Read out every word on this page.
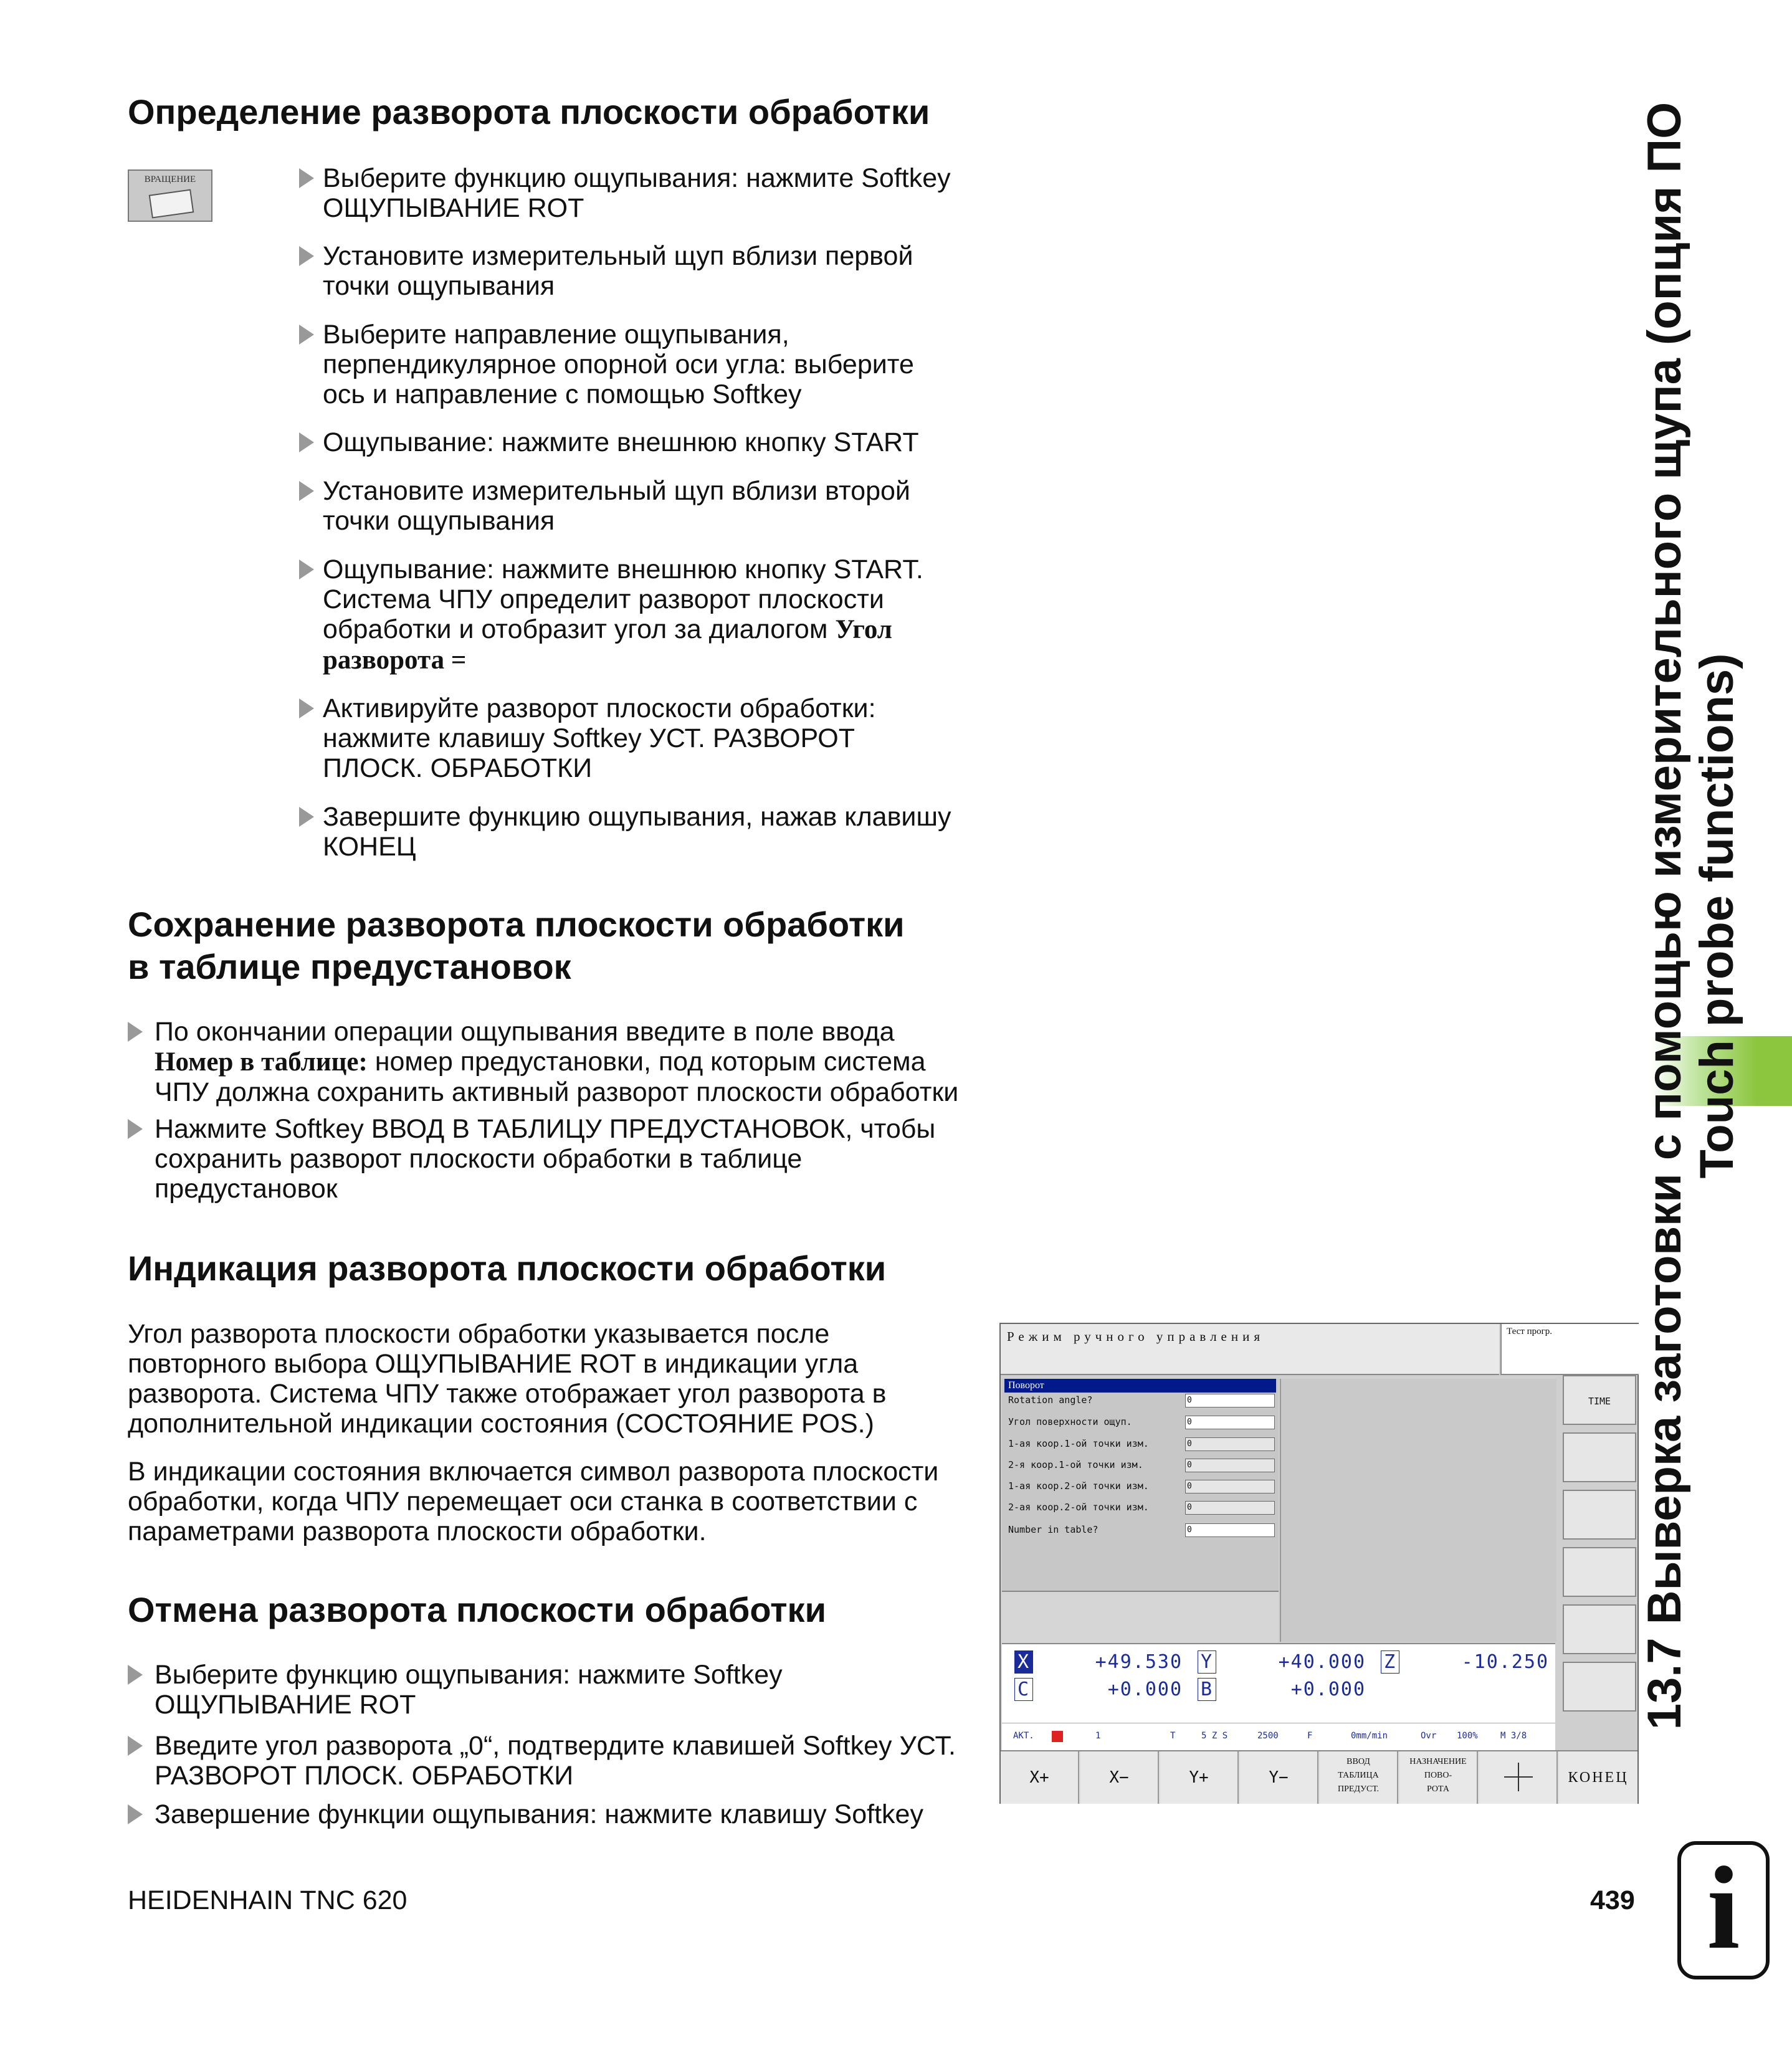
Определение разворота плоскости обработки
ВРАЩЕНИЕ	Выберите функцию ощупывания: нажмите Softkey
ОЩУПЫВАНИЕ ROT
Установите измерительный щуп вблизи первой
точки ощупывания
Выберите направление ощупывания,
перпендикулярное опорной оси угла: выберите
ось и направление с помощью Softkey
Ощупывание: нажмите внешнюю кнопку START
Установите измерительный щуп вблизи второй
точки ощупывания
Ощупывание: нажмите внешнюю кнопку START.
Система ЧПУ определит разворот плоскости
обработки и отобразит угол за диалогом Угол
разворота =
Активируйте разворот плоскости обработки:
нажмите клавишу Softkey УСТ. РАЗВОРОТ
ПЛОСК. ОБРАБОТКИ
Завершите функцию ощупывания, нажав клавишу
КОНЕЦ
Сохранение разворота плоскости обработки
в таблице предустановок
По окончании операции ощупывания введите в поле ввода
Номер в таблице: номер предустановки, под которым система
ЧПУ должна сохранить активный разворот плоскости обработки
Нажмите Softkey ВВОД В ТАБЛИЦУ ПРЕДУСТАНОВОК, чтобы
сохранить разворот плоскости обработки в таблице
предустановок
Индикация разворота плоскости обработки
Угол разворота плоскости обработки указывается после
повторного выбора ОЩУПЫВАНИЕ ROT в индикации угла
разворота. Система ЧПУ также отображает угол разворота в
дополнительной индикации состояния (СОСТОЯНИЕ POS.)
В индикации состояния включается символ разворота плоскости
обработки, когда ЧПУ перемещает оси станка в соответствии с
параметрами разворота плоскости обработки.
Отмена разворота плоскости обработки
Выберите функцию ощупывания: нажмите Softkey
ОЩУПЫВАНИЕ ROT
Введите угол разворота „0“, подтвердите клавишей Softkey УСТ.
РАЗВОРОТ ПЛОСК. ОБРАБОТКИ
Завершение функции ощупывания: нажмите клавишу Softkey
Режим ручного управления	Тест прогр.
Поворот
Rotation angle?	0
Угол поверхности ощуп.	0
1-ая коор.1-ой точки изм.	0
2-я коор.1-ой точки изм.	0
1-ая коор.2-ой точки изм.	0
2-ая коор.2-ой точки изм.	0
Number in table?	0
TIME
X	+49.530 Y	+40.000 Z	-10.250
C	+0.000 B	+0.000
АКТ.	1	T	5 Z S	2500	F	0mm/min	Ovr 100%	M 3/8
X+	X−	Y+	Y−
ВВОД
ТАБЛИЦА
ПРЕДУСТ.
НАЗНАЧЕНИЕ
ПОВО-
РОТА
КОНЕЦ
13.7 Выверка заготовки с помощью измерительного щупа (опция ПО
Touch probe functions)
HEIDENHAIN TNC 620	439 i
